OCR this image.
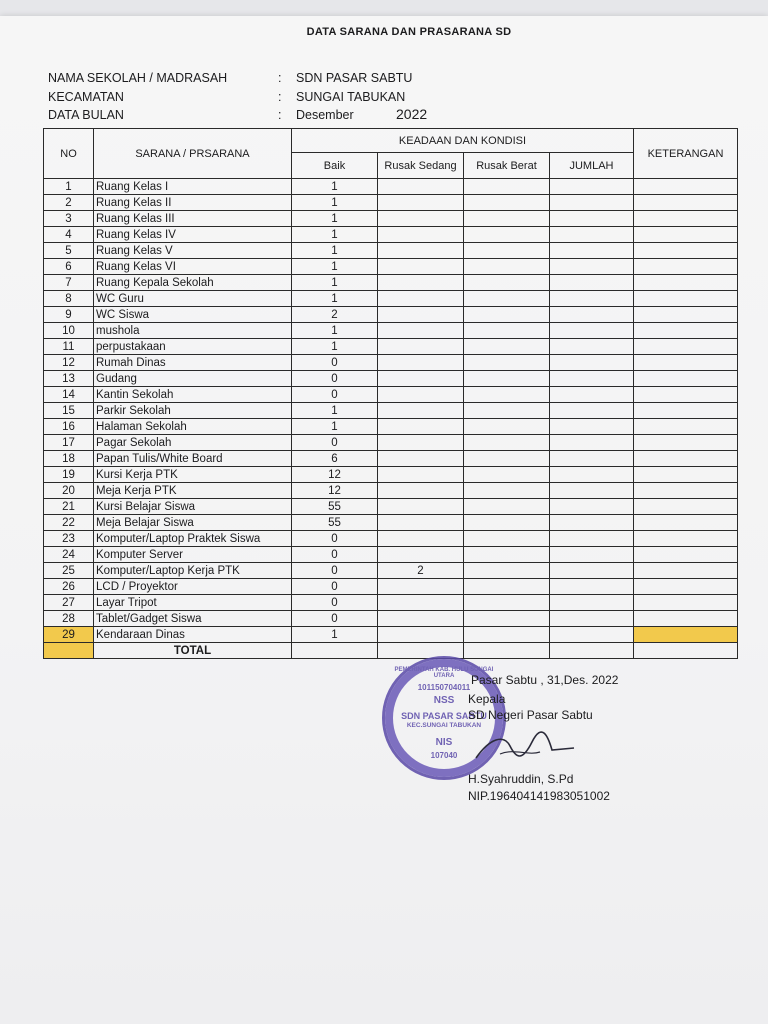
DATA SARANA DAN PRASARANA SD
NAMA SEKOLAH / MADRASAH	: SDN PASAR SABTU
KECAMATAN	: SUNGAI TABUKAN
DATA BULAN	: Desember	2022
NO	SARANA / PRSARANA	KEADAAN DAN KONDISI				KETERANGAN
		Baik	Rusak Sedang	Rusak Berat	JUMLAH	
1	Ruang Kelas I	1				
2	Ruang Kelas II	1				
3	Ruang Kelas III	1				
4	Ruang Kelas IV	1				
5	Ruang Kelas V	1				
6	Ruang Kelas VI	1				
7	Ruang Kepala Sekolah	1				
8	WC Guru	1				
9	WC Siswa	2				
10	mushola	1				
11	perpustakaan	1				
12	Rumah Dinas	0				
13	Gudang	0				
14	Kantin Sekolah	0				
15	Parkir Sekolah	1				
16	Halaman Sekolah	1				
17	Pagar Sekolah	0				
18	Papan Tulis/White Board	6				
19	Kursi Kerja PTK	12				
20	Meja Kerja PTK	12				
21	Kursi Belajar Siswa	55				
22	Meja Belajar Siswa	55				
23	Komputer/Laptop Praktek Siswa	0				
24	Komputer Server	0				
25	Komputer/Laptop Kerja PTK	0	2			
26	LCD / Proyektor	0				
27	Layar Tripot	0				
28	Tablet/Gadget Siswa	0				
29	Kendaraan Dinas	1				
	TOTAL					
PEMERINTAH KAB. HULU SUNGAI UTARA
101150704011
NSS
SDN PASAR SABTU
KEC.SUNGAI TABUKAN
NIS
107040
Pasar Sabtu , 31,Des. 2022
Kepala
SD Negeri Pasar Sabtu
H.Syahruddin, S.Pd
NIP.196404141983051002
